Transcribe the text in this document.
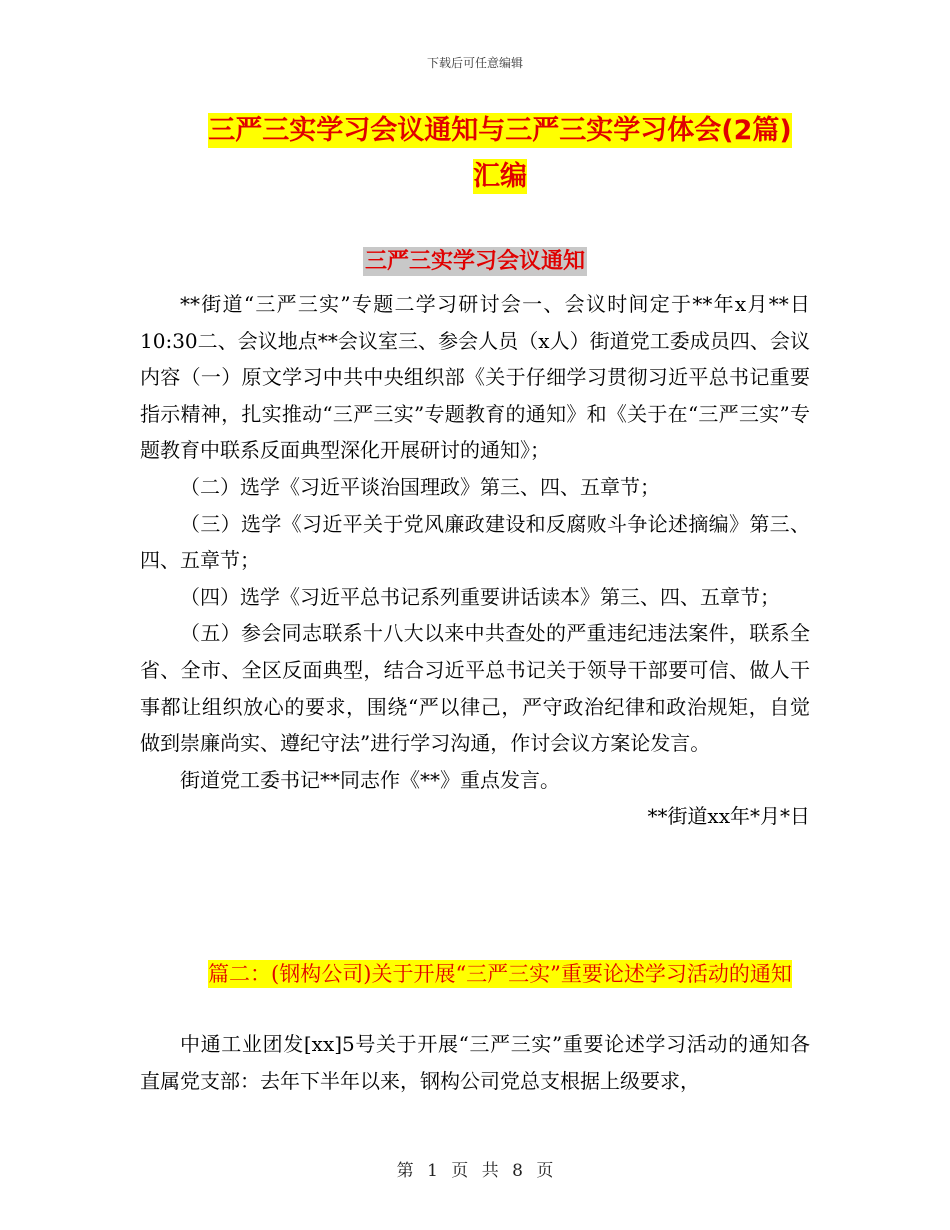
下载后可任意编辑
三严三实学习会议通知与三严三实学习体会(2篇)汇编
三严三实学习会议通知

**街道“三严三实”专题二学习研讨会一、会议时间定于**年x月**日10:30二、会议地点**会议室三、参会人员（x人）街道党工委成员四、会议内容（一）原文学习中共中央组织部《关于仔细学习贯彻习近平总书记重要指示精神，扎实推动“三严三实”专题教育的通知》和《关于在“三严三实”专题教育中联系反面典型深化开展研讨的通知》；

（二）选学《习近平谈治国理政》第三、四、五章节；

（三）选学《习近平关于党风廉政建设和反腐败斗争论述摘编》第三、四、五章节；

（四）选学《习近平总书记系列重要讲话读本》第三、四、五章节；

（五）参会同志联系十八大以来中共查处的严重违纪违法案件，联系全省、全市、全区反面典型，结合习近平总书记关于领导干部要可信、做人干事都让组织放心的要求，围绕“严以律己，严守政治纪律和政治规矩，自觉做到崇廉尚实、遵纪守法”进行学习沟通，作讨会议方案论发言。

街道党工委书记**同志作《**》重点发言。

**街道xx年*月*日

篇二：(钢构公司)关于开展“三严三实”重要论述学习活动的通知

中通工业团发[xx]5号关于开展“三严三实”重要论述学习活动的通知各直属党支部：去年下半年以来，钢构公司党总支根据上级要求，

第 1 页 共 8 页
